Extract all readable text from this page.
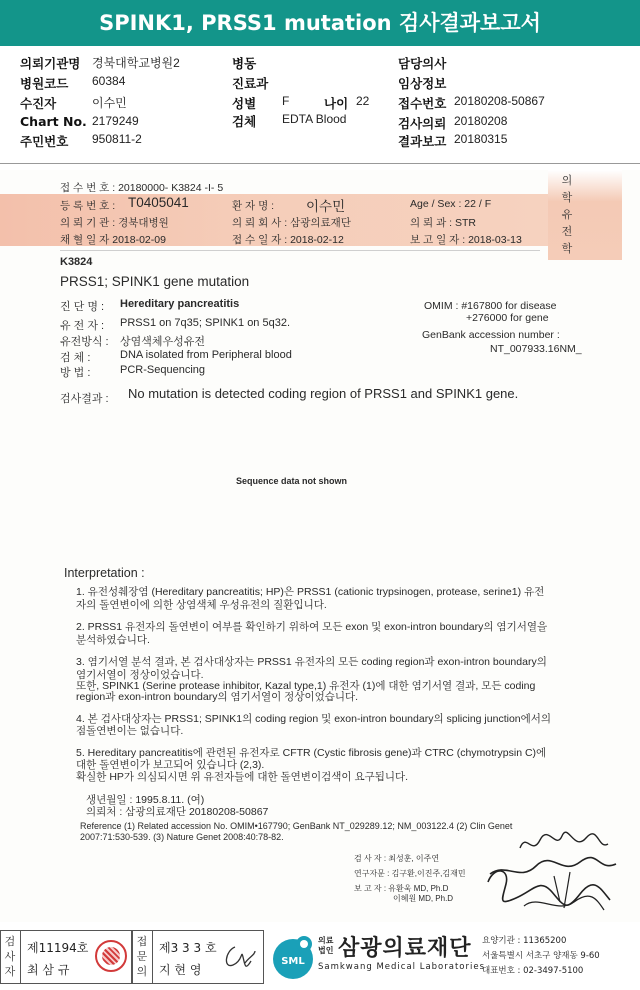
SPINK1, PRSS1 mutation 검사결과보고서
의뢰기관명 경북대학교병원2
병원코드 60384
수진자	이수민
Chart No. 2179249
주민번호 950811-2
병동
진료과
성별 F	나이 22
검체 EDTA Blood
담당의사
임상정보
접수번호 20180208-50867
검사의뢰 20180208
결과보고 20180315
접 수 번 호 : 20180000- K3824 -I- 5
의
학
유
전
학
등 록 번 호 : T0405041	환 자 명 : 이수민	Age / Sex : 22 / F
의 뢰 기 관 : 경북대병원	의 뢰 회 사 : 삼광의료재단	의 뢰 과 : STR
채 혈 일 자 2018-02-09	접 수 일 자 : 2018-02-12	보 고 일 자 : 2018-03-13
K3824
PRSS1; SPINK1 gene mutation
진 단 명 : Hereditary pancreatitis
유 전 자 : PRSS1 on 7q35; SPINK1 on 5q32.
유전방식 : 상염색체우성유전
검 체 :	DNA isolated from Peripheral blood
방 법 :	PCR-Sequencing
OMIM : #167800 for disease
+276000 for gene
GenBank accession number :
NT_007933.16NM_
검사결과 : No mutation is detected coding region of PRSS1 and SPINK1 gene.
Sequence data not shown
Interpretation :
1. 유전성췌장염 (Hereditary pancreatitis; HP)은 PRSS1 (cationic trypsinogen, protease, serine1) 유전
자의 돌연변이에 의한 상염색체 우성유전의 질환입니다.
2. PRSS1 유전자의 돌연변이 여부를 확인하기 위하여 모든 exon 및 exon-intron boundary의 염기서열을
분석하였습니다.
3. 염기서열 분석 결과, 본 검사대상자는 PRSS1 유전자의 모든 coding region과 exon-intron boundary의
염기서열이 정상이었습니다.
또한, SPINK1 (Serine protease inhibitor, Kazal type,1) 유전자 (1)에 대한 염기서열 결과, 모든 coding
region과 exon-intron boundary의 염기서열이 정상이었습니다.
4. 본 검사대상자는 PRSS1; SPINK1의 coding region 및 exon-intron boundary의 splicing junction에서의
점돌연변이는 없습니다.
5. Hereditary pancreatitis에 관련된 유전자로 CFTR (Cystic fibrosis gene)과 CTRC (chymotrypsin C)에
대한 돌연변이가 보고되어 있습니다 (2,3).
확실한 HP가 의심되시면 위 유전자들에 대한 돌연변이검색이 요구됩니다.
생년월일 : 1995.8.11. (여)
의뢰처 : 삼광의료재단 20180208-50867
Reference (1) Related accession No. OMIM•167790; GenBank NT_029289.12; NM_003122.4 (2) Clin Genet
2007:71:530-539. (3) Nature Genet 2008:40:78-82.
검 사 자 : 최성훈, 이주연
연구자문 : 김구환,이진주,김재민
보 고 자 : 유환욱 MD, Ph.D
이혜원 MD, Ph.D
검
사
자
제11194호
최 삼 규
접
문
의
제3 3 3 호
지 현 영
SML
의료
법인 삼광의료재단
Samkwang Medical Laboratories
요양기관 : 11365200
서울특별시 서초구 양재동 9-60
대표번호 : 02-3497-5100
